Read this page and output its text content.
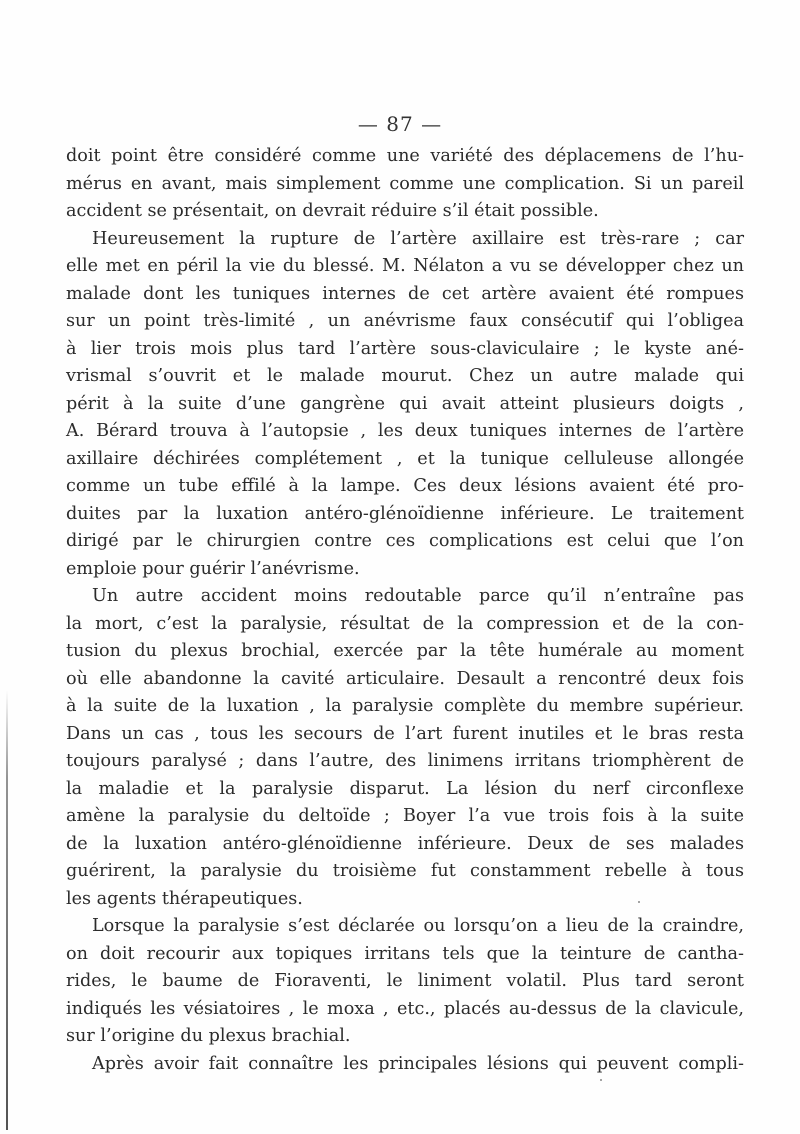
— 87 —
doit point être considéré comme une variété des déplacemens de l’hu-
mérus en avant, mais simplement comme une complication. Si un pareil
accident se présentait, on devrait réduire s’il était possible.
Heureusement la rupture de l’artère axillaire est très-rare ; car
elle met en péril la vie du blessé. M. Nélaton a vu se développer chez un
malade dont les tuniques internes de cet artère avaient été rompues
sur un point très-limité , un anévrisme faux consécutif qui l’obligea
à lier trois mois plus tard l’artère sous-claviculaire ; le kyste ané-
vrismal s’ouvrit et le malade mourut. Chez un autre malade qui
périt à la suite d’une gangrène qui avait atteint plusieurs doigts ,
A. Bérard trouva à l’autopsie , les deux tuniques internes de l’artère
axillaire déchirées complétement , et la tunique celluleuse allongée
comme un tube effilé à la lampe. Ces deux lésions avaient été pro-
duites par la luxation antéro-glénoïdienne inférieure. Le traitement
dirigé par le chirurgien contre ces complications est celui que l’on
emploie pour guérir l’anévrisme.
Un autre accident moins redoutable parce qu’il n’entraîne pas
la mort, c’est la paralysie, résultat de la compression et de la con-
tusion du plexus brochial, exercée par la tête humérale au moment
où elle abandonne la cavité articulaire. Desault a rencontré deux fois
à la suite de la luxation , la paralysie complète du membre supérieur.
Dans un cas , tous les secours de l’art furent inutiles et le bras resta
toujours paralysé ; dans l’autre, des linimens irritans triomphèrent de
la maladie et la paralysie disparut. La lésion du nerf circonflexe
amène la paralysie du deltoïde ; Boyer l’a vue trois fois à la suite
de la luxation antéro-glénoïdienne inférieure. Deux de ses malades
guérirent, la paralysie du troisième fut constamment rebelle à tous
les agents thérapeutiques.
Lorsque la paralysie s’est déclarée ou lorsqu’on a lieu de la craindre,
on doit recourir aux topiques irritans tels que la teinture de cantha-
rides, le baume de Fioraventi, le liniment volatil. Plus tard seront
indiqués les vésiatoires , le moxa , etc., placés au-dessus de la clavicule,
sur l’origine du plexus brachial.
Après avoir fait connaître les principales lésions qui peuvent compli-
